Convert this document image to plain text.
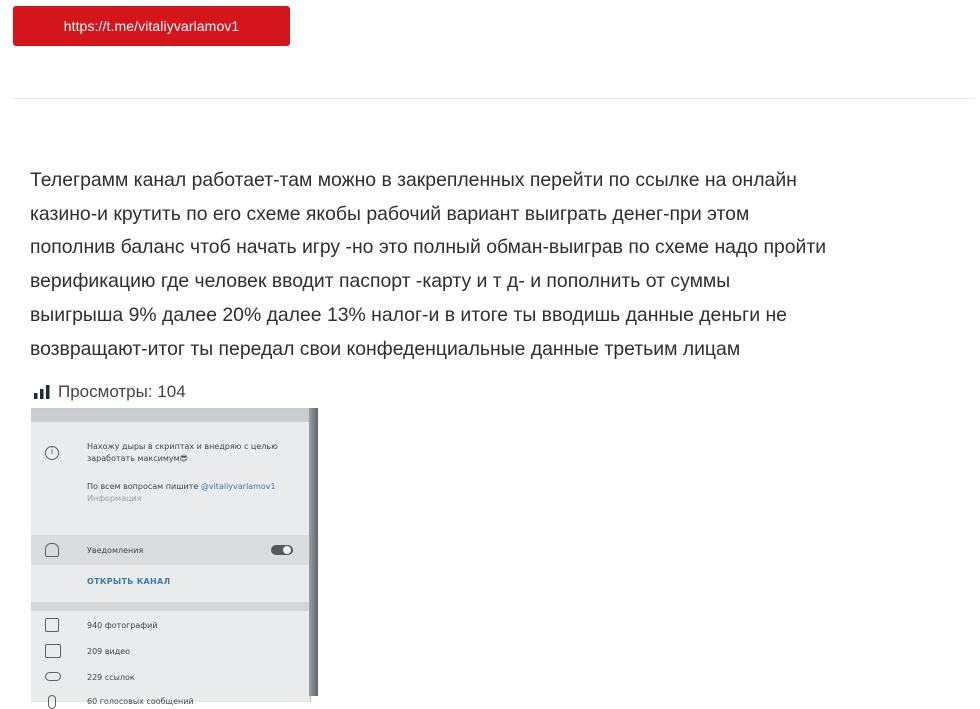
https://t.me/vitaliyvarlamov1

Телеграмм канал работает-там можно в закрепленных перейти по ссылке на онлайн
казино-и крутить по его схеме якобы рабочий вариант выиграть денег-при этом
пополнив баланс чтоб начать игру -но это полный обман-выиграв по схеме надо пройти
верификацию где человек вводит паспорт -карту и т д- и пополнить от суммы
выигрыша 9% далее 20% далее 13% налог-и в итоге ты вводишь данные деньги не
возвращают-итог ты передал свои конфеденциальные данные третьим лицам

Просмотры: 104
i
Нахожу дыры в скриптах и внедряю с целью
заработать максимум😎
По всем вопросам пишите @vitaliyvarlamov1
Информация
Уведомления
ОТКРЫТЬ КАНАЛ
940 фотографий
209 видео
229 ссылок
60 голосовых сообщений
